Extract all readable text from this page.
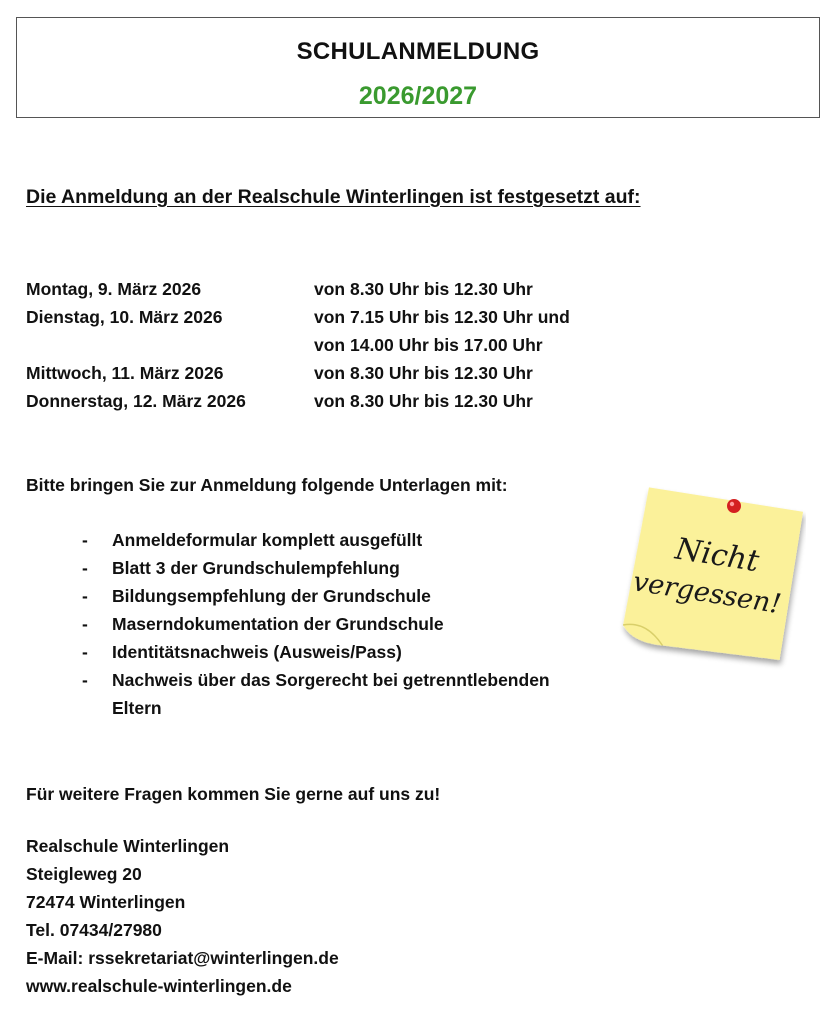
SCHULANMELDUNG
2026/2027
Die Anmeldung an der Realschule Winterlingen ist festgesetzt auf:
Montag, 9. März 2026	von 8.30 Uhr bis 12.30 Uhr
Dienstag, 10. März 2026	von 7.15 Uhr bis 12.30 Uhr und
von 14.00 Uhr bis 17.00 Uhr
Mittwoch, 11. März 2026	von 8.30 Uhr bis 12.30 Uhr
Donnerstag, 12. März 2026	von 8.30 Uhr bis 12.30 Uhr
Bitte bringen Sie zur Anmeldung folgende Unterlagen mit:
- Anmeldeformular komplett ausgefüllt
- Blatt 3 der Grundschulempfehlung
- Bildungsempfehlung der Grundschule
- Maserndokumentation der Grundschule
- Identitätsnachweis (Ausweis/Pass)
- Nachweis über das Sorgerecht bei getrenntlebenden
Eltern
Nicht
vergessen!
Für weitere Fragen kommen Sie gerne auf uns zu!
Realschule Winterlingen
Steigleweg 20
72474 Winterlingen
Tel. 07434/27980
E-Mail: rssekretariat@winterlingen.de
www.realschule-winterlingen.de
